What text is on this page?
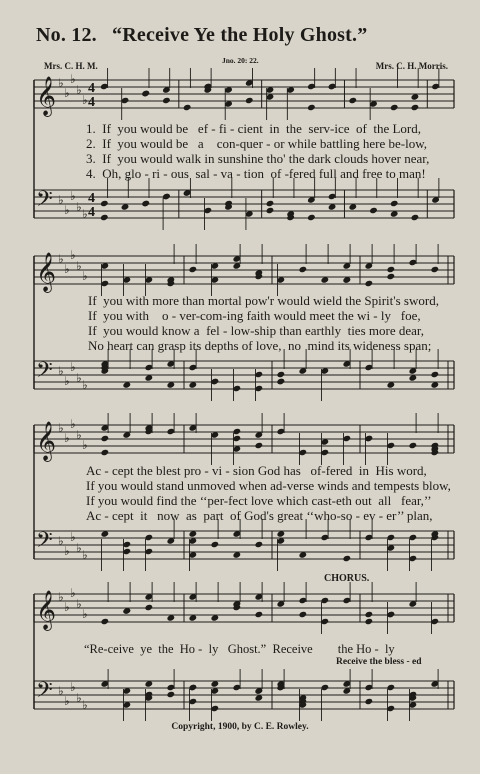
No. 12. “Receive Ye the Holy Ghost.”
Jno. 20: 22.
Mrs. C. H. M.	Mrs. C. H. Morris.
𝄞 ♭
♭
♭
♭
♭
𝄢 ♭
♭
♭
♭ ♭
𝄞 ♭
♭
♭
♭
♭
𝄢 ♭
♭
♭
♭ ♭
𝄞 ♭
♭
♭
♭
♭
𝄢 ♭
♭
♭
♭ ♭
𝄞 ♭
♭
♭
♭
♭
𝄢 ♭
♭
♭
♭ ♭
4
4
4
4
1.  If  you would be   ef - fi - cient  in  the  serv-ice  of  the Lord,
2.  If  you would be   a    con-quer - or while battling here be-low,
3.  If  you would walk in sunshine tho' the dark clouds hover near,
4.  Oh, glo - ri - ous  sal - va - tion  of -fered full and free to man!
If  you with more than mortal pow'r would wield the Spirit's sword,
If  you with    o - ver-com-ing faith would meet the wi - ly   foe,
If  you would know a  fel - low-ship than earthly  ties more dear,
No heart can grasp its depths of love,  no  mind its wideness span;
Ac - cept the blest pro - vi - sion God has   of-fered  in  His word,
If you would stand unmoved when ad-verse winds and tempests blow,
If you would find the ‘‘per-fect love which cast-eth out  all   fear,’’
Ac - cept  it   now  as  part  of God's great ‘‘who-so - ev - er’’ plan,
CHORUS.
“Re-ceive  ye  the  Ho -  ly   Ghost.”  Receive        the Ho -  ly
Receive the bless - ed
Copyright, 1900, by C. E. Rowley.
